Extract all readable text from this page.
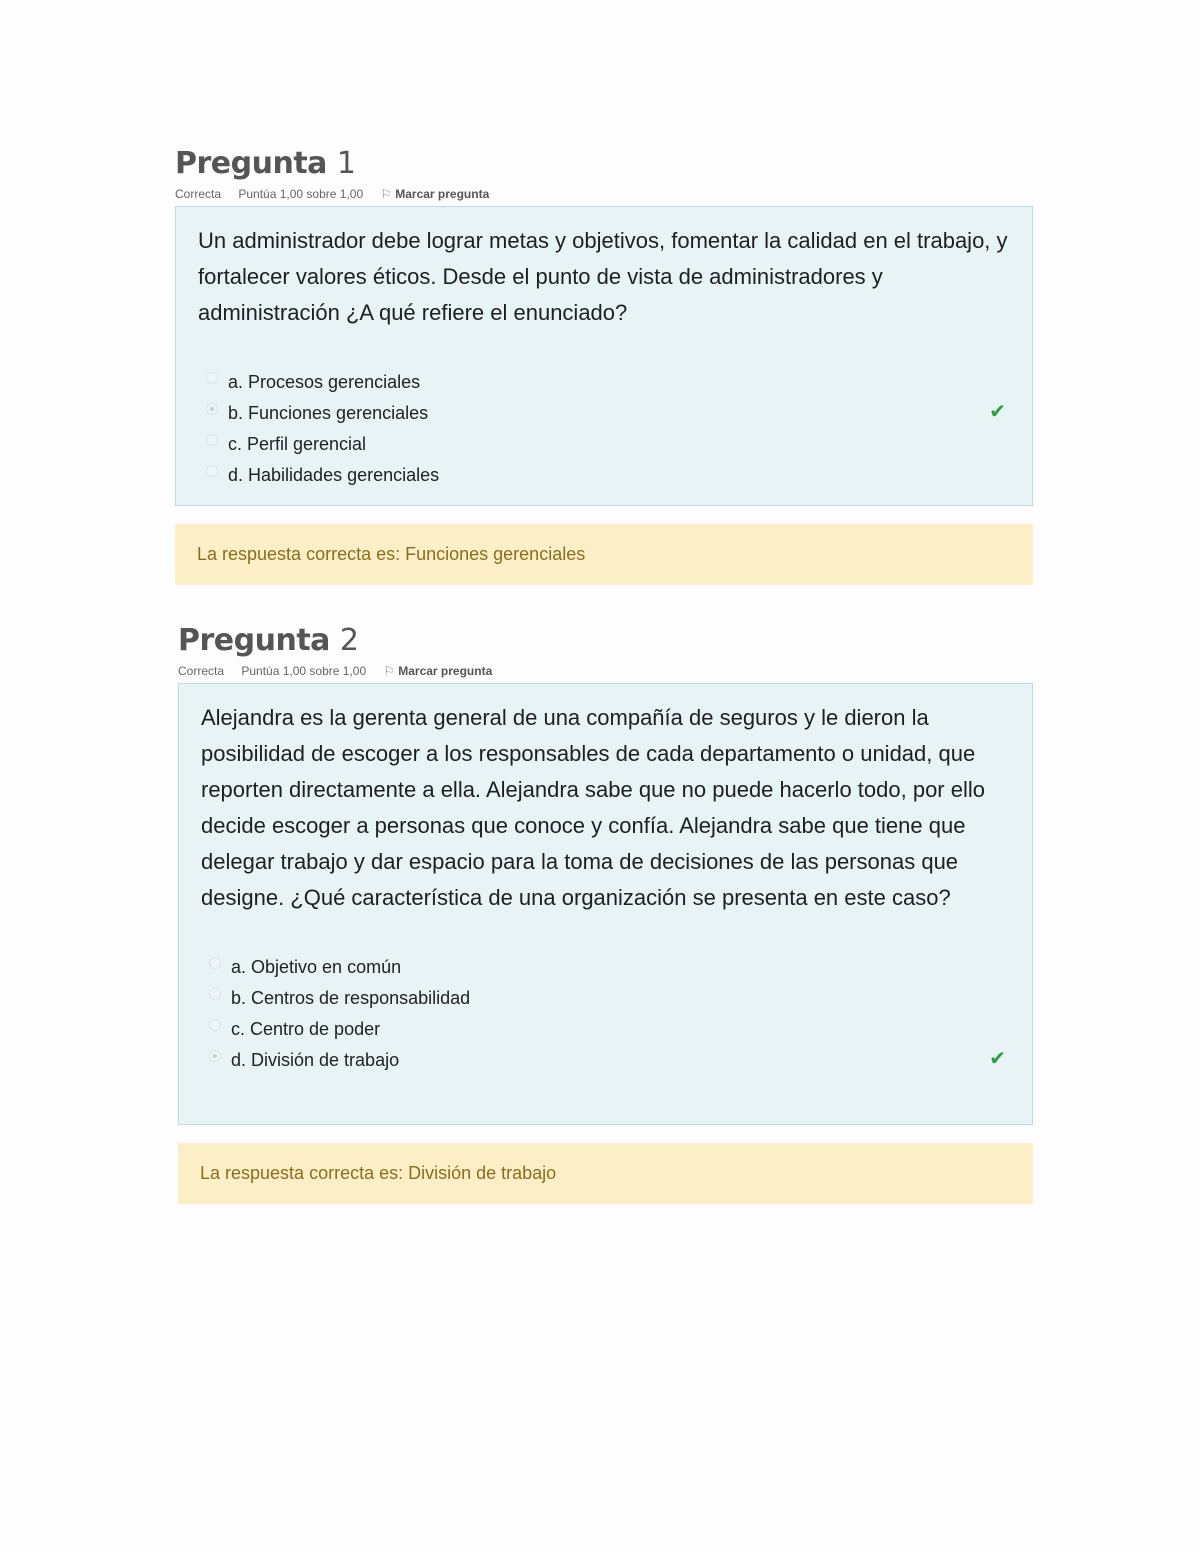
Pregunta 1
Correcta Puntúa 1,00 sobre 1,00 ⚐ Marcar pregunta

Un administrador debe lograr metas y objetivos, fomentar la calidad en el trabajo, y fortalecer valores éticos. Desde el punto de vista de administradores y administración ¿A qué refiere el enunciado?

a. Procesos gerenciales
b. Funciones gerenciales	✔
c. Perfil gerencial
d. Habilidades gerenciales
La respuesta correcta es: Funciones gerenciales
Pregunta 2
Correcta Puntúa 1,00 sobre 1,00 ⚐ Marcar pregunta

Alejandra es la gerenta general de una compañía de seguros y le dieron la posibilidad de escoger a los responsables de cada departamento o unidad, que reporten directamente a ella. Alejandra sabe que no puede hacerlo todo, por ello decide escoger a personas que conoce y confía. Alejandra sabe que tiene que delegar trabajo y dar espacio para la toma de decisiones de las personas que designe. ¿Qué característica de una organización se presenta en este caso?

a. Objetivo en común
b. Centros de responsabilidad
c. Centro de poder
d. División de trabajo	✔
La respuesta correcta es: División de trabajo
